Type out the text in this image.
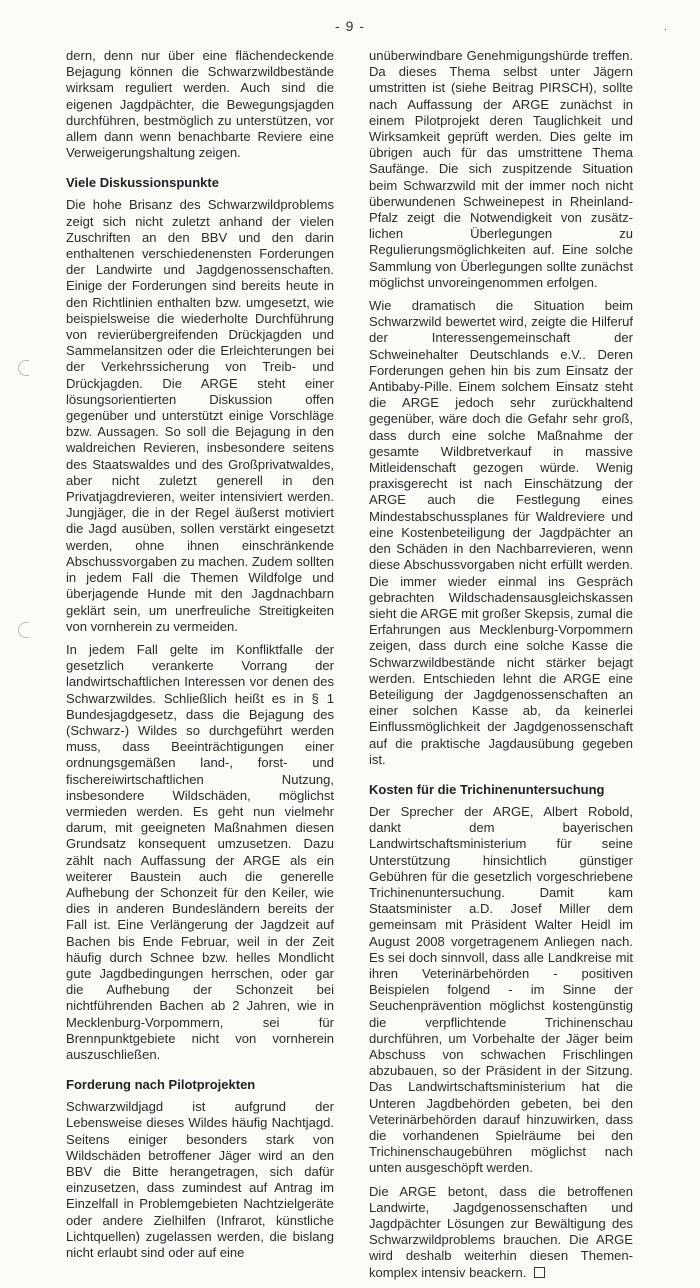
- 9 -	.

dern, denn nur über eine flächendeckende Bejagung können die Schwarzwildbestände wirksam reguliert werden. Auch sind die eigenen Jagdpächter, die Bewegungsjagden durchführen, bestmöglich zu unterstützen, vor allem dann wenn benachbarte Reviere eine Verweigerungshaltung zeigen.

Viele Diskussionspunkte

Die hohe Brisanz des Schwarzwildproblems zeigt sich nicht zuletzt anhand der vielen Zuschriften an den BBV und den darin enthaltenen verschiedenensten Forderungen der Landwirte und Jagdgenossenschaften. Einige der Forderungen sind bereits heute in den Richtlinien enthalten bzw. umgesetzt, wie beispielsweise die wiederholte Durchführung von revierübergreifenden Drückjagden und Sammelansitzen oder die Erleichterungen bei der Verkehrssicherung von Treib- und Drückjagden. Die ARGE steht einer lösungsorientierten Diskussion offen gegenüber und unterstützt einige Vorschläge bzw. Aussagen. So soll die Bejagung in den waldreichen Revieren, insbesondere seitens des Staatswaldes und des Großprivatwaldes, aber nicht zuletzt generell in den Privatjagdrevieren, weiter intensiviert werden. Jungjäger, die in der Regel äußerst motiviert die Jagd ausüben, sollen verstärkt eingesetzt werden, ohne ihnen einschränkende Abschussvorgaben zu machen. Zudem sollten in jedem Fall die Themen Wildfolge und überjagende Hunde mit den Jagdnachbarn geklärt sein, um unerfreuliche Streitigkeiten von vornherein zu vermeiden.

In jedem Fall gelte im Konfliktfalle der gesetzlich verankerte Vorrang der landwirtschaftlichen Interessen vor denen des Schwarzwildes. Schließlich heißt es in § 1 Bundesjagdgesetz, dass die Bejagung des (Schwarz-) Wildes so durchgeführt werden muss, dass Beeinträchtigungen einer ordnungsgemäßen land-, forst- und fischereiwirtschaftlichen Nutzung, insbesondere Wildschäden, möglichst vermieden werden. Es geht nun vielmehr darum, mit geeigneten Maßnahmen diesen Grundsatz konsequent umzusetzen. Dazu zählt nach Auffassung der ARGE als ein weiterer Baustein auch die generelle Aufhebung der Schonzeit für den Keiler, wie dies in anderen Bundesländern bereits der Fall ist. Eine Verlängerung der Jagdzeit auf Bachen bis Ende Februar, weil in der Zeit häufig durch Schnee bzw. helles Mondlicht gute Jagdbedingungen herrschen, oder gar die Aufhebung der Schonzeit bei nichtführenden Bachen ab 2 Jahren, wie in Mecklenburg-Vorpommern, sei für Brennpunktgebiete nicht von vornherein auszuschließen.

Forderung nach Pilotprojekten

Schwarzwildjagd ist aufgrund der Lebensweise dieses Wildes häufig Nachtjagd. Seitens einiger besonders stark von Wildschäden betroffener Jäger wird an den BBV die Bitte herangetragen, sich dafür einzusetzen, dass zumindest auf Antrag im Einzelfall in Problemgebieten Nachtzielgeräte oder andere Zielhilfen (Infrarot, künstliche Lichtquellen) zugelassen werden, die bislang nicht erlaubt sind oder auf eine

unüberwindbare Genehmigungshürde treffen. Da dieses Thema selbst unter Jägern umstritten ist (siehe Beitrag PIRSCH), sollte nach Auffassung der ARGE zunächst in einem Pilotprojekt deren Tauglichkeit und Wirksamkeit geprüft werden. Dies gelte im übrigen auch für das umstrittene Thema Saufänge. Die sich zuspitzende Situation beim Schwarzwild mit der immer noch nicht überwundenen Schweinepest in Rheinland-Pfalz zeigt die Notwendigkeit von zusätzlichen Überlegungen zu Regulierungsmöglichkeiten auf. Eine solche Sammlung von Überlegungen sollte zunächst möglichst unvoreingenommen erfolgen.

Wie dramatisch die Situation beim Schwarzwild bewertet wird, zeigte die Hilferuf der Interessengemeinschaft der Schweinehalter Deutschlands e.V.. Deren Forderungen gehen hin bis zum Einsatz der Antibaby-Pille. Einem solchem Einsatz steht die ARGE jedoch sehr zurückhaltend gegenüber, wäre doch die Gefahr sehr groß, dass durch eine solche Maßnahme der gesamte Wildbretverkauf in massive Mitleidenschaft gezogen würde. Wenig praxisgerecht ist nach Einschätzung der ARGE auch die Festlegung eines Mindestabschussplanes für Waldreviere und eine Kostenbeteiligung der Jagdpächter an den Schäden in den Nachbarrevieren, wenn diese Abschussvorgaben nicht erfüllt werden. Die immer wieder einmal ins Gespräch gebrachten Wildschadensausgleichskassen sieht die ARGE mit großer Skepsis, zumal die Erfahrungen aus Mecklenburg-Vorpommern zeigen, dass durch eine solche Kasse die Schwarzwildbestände nicht stärker bejagt werden. Entschieden lehnt die ARGE eine Beteiligung der Jagdgenossenschaften an einer solchen Kasse ab, da keinerlei Einflussmöglichkeit der Jagdgenossenschaft auf die praktische Jagdausübung gegeben ist.

Kosten für die Trichinenuntersuchung

Der Sprecher der ARGE, Albert Robold, dankt dem bayerischen Landwirtschaftsministerium für seine Unterstützung hinsichtlich günstiger Gebühren für die gesetzlich vorgeschriebene Trichinenuntersuchung. Damit kam Staatsminister a.D. Josef Miller dem gemeinsam mit Präsident Walter Heidl im August 2008 vorgetragenem Anliegen nach. Es sei doch sinnvoll, dass alle Landkreise mit ihren Veterinärbehörden - positiven Beispielen folgend - im Sinne der Seuchenprävention möglichst kostengünstig die verpflichtende Trichinenschau durchführen, um Vorbehalte der Jäger beim Abschuss von schwachen Frischlingen abzubauen, so der Präsident in der Sitzung. Das Landwirtschaftsministerium hat die Unteren Jagdbehörden gebeten, bei den Veterinärbehörden darauf hinzuwirken, dass die vorhandenen Spielräume bei den Trichinenschaugebühren möglichst nach unten ausgeschöpft werden.

Die ARGE betont, dass die betroffenen Landwirte, Jagdgenossenschaften und Jagdpächter Lösungen zur Bewältigung des Schwarzwildproblems brauchen. Die ARGE wird deshalb weiterhin diesen Themenkomplex intensiv beackern.
